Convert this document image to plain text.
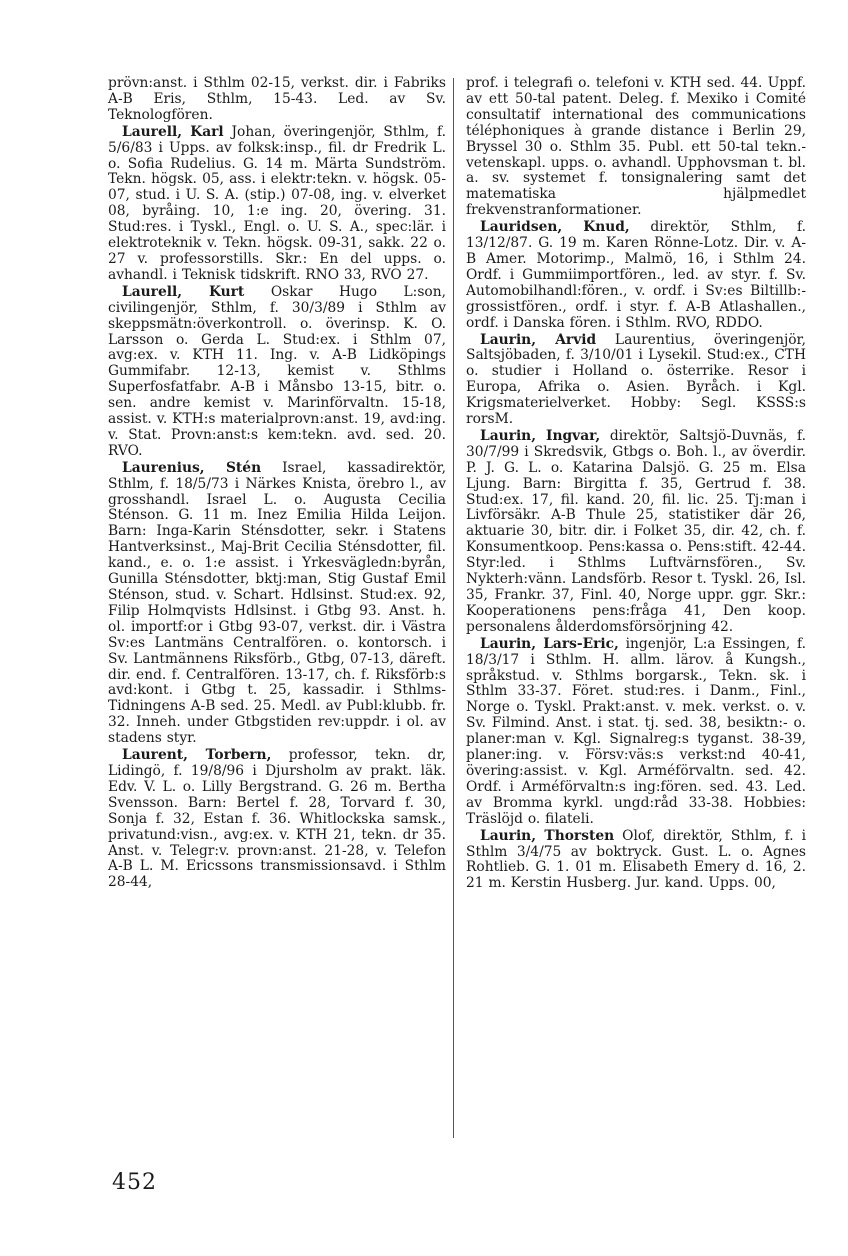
prövn:anst. i Sthlm 02-15, verkst. dir. i Fabriks A-B Eris, Sthlm, 15-43. Led. av Sv. Teknologfören.

Laurell, Karl Johan, överingenjör, Sthlm, f. 5/6/83 i Upps. av folksk:insp., fil. dr Fredrik L. o. Sofia Rudelius. G. 14 m. Märta Sundström. Tekn. högsk. 05, ass. i elektr:tekn. v. högsk. 05-07, stud. i U. S. A. (stip.) 07-08, ing. v. elverket 08, byråing. 10, 1:e ing. 20, övering. 31. Stud:res. i Tyskl., Engl. o. U. S. A., spec:lär. i elektroteknik v. Tekn. högsk. 09-31, sakk. 22 o. 27 v. professorstills. Skr.: En del upps. o. avhandl. i Teknisk tidskrift. RNO 33, RVO 27.

Laurell, Kurt Oskar Hugo L:son, civilingenjör, Sthlm, f. 30/3/89 i Sthlm av skeppsmätn:överkontroll. o. överinsp. K. O. Larsson o. Gerda L. Stud:ex. i Sthlm 07, avg:ex. v. KTH 11. Ing. v. A-B Lidköpings Gummifabr. 12-13, kemist v. Sthlms Superfosfatfabr. A-B i Månsbo 13-15, bitr. o. sen. andre kemist v. Marinförvaltn. 15-18, assist. v. KTH:s materialprovn:anst. 19, avd:ing. v. Stat. Provn:anst:s kem:tekn. avd. sed. 20. RVO.

Laurenius, Stén Israel, kassadirektör, Sthlm, f. 18/5/73 i Närkes Knista, örebro l., av grosshandl. Israel L. o. Augusta Cecilia Sténson. G. 11 m. Inez Emilia Hilda Leijon. Barn: Inga-Karin Sténsdotter, sekr. i Statens Hantverksinst., Maj-Brit Cecilia Sténsdotter, fil. kand., e. o. 1:e assist. i Yrkesvägledn:byrån, Gunilla Sténsdotter, bktj:man, Stig Gustaf Emil Sténson, stud. v. Schart. Hdlsinst. Stud:ex. 92, Filip Holmqvists Hdlsinst. i Gtbg 93. Anst. h. ol. importf:or i Gtbg 93-07, verkst. dir. i Västra Sv:es Lantmäns Centralfören. o. kontorsch. i Sv. Lantmännens Riksförb., Gtbg, 07-13, däreft. dir. end. f. Centralfören. 13-17, ch. f. Riksförb:s avd:kont. i Gtbg t. 25, kassadir. i Sthlms-Tidningens A-B sed. 25. Medl. av Publ:klubb. fr. 32. Inneh. under Gtbgstiden rev:uppdr. i ol. av stadens styr.

Laurent, Torbern, professor, tekn. dr, Lidingö, f. 19/8/96 i Djursholm av prakt. läk. Edv. V. L. o. Lilly Bergstrand. G. 26 m. Bertha Svensson. Barn: Bertel f. 28, Torvard f. 30, Sonja f. 32, Estan f. 36. Whitlockska samsk., privatund:visn., avg:ex. v. KTH 21, tekn. dr 35. Anst. v. Telegr:v. provn:anst. 21-28, v. Telefon A-B L. M. Ericssons transmissionsavd. i Sthlm 28-44,

prof. i telegrafi o. telefoni v. KTH sed. 44. Uppf. av ett 50-tal patent. Deleg. f. Mexiko i Comité consultatif international des communications téléphoniques à grande distance i Berlin 29, Bryssel 30 o. Sthlm 35. Publ. ett 50-tal tekn.-vetenskapl. upps. o. avhandl. Upphovsman t. bl. a. sv. systemet f. tonsignalering samt det matematiska hjälpmedlet frekvenstranformationer.

Lauridsen, Knud, direktör, Sthlm, f. 13/12/87. G. 19 m. Karen Rönne-Lotz. Dir. v. A-B Amer. Motorimp., Malmö, 16, i Sthlm 24. Ordf. i Gummiimportfören., led. av styr. f. Sv. Automobilhandl:fören., v. ordf. i Sv:es Biltillb:-grossistfören., ordf. i styr. f. A-B Atlashallen., ordf. i Danska fören. i Sthlm. RVO, RDDO.

Laurin, Arvid Laurentius, överingenjör, Saltsjöbaden, f. 3/10/01 i Lysekil. Stud:ex., CTH o. studier i Holland o. österrike. Resor i Europa, Afrika o. Asien. Byråch. i Kgl. Krigsmaterielverket. Hobby: Segl. KSSS:s rorsM.

Laurin, Ingvar, direktör, Saltsjö-Duvnäs, f. 30/7/99 i Skredsvik, Gtbgs o. Boh. l., av överdir. P. J. G. L. o. Katarina Dalsjö. G. 25 m. Elsa Ljung. Barn: Birgitta f. 35, Gertrud f. 38. Stud:ex. 17, fil. kand. 20, fil. lic. 25. Tj:man i Livförsäkr. A-B Thule 25, statistiker där 26, aktuarie 30, bitr. dir. i Folket 35, dir. 42, ch. f. Konsumentkoop. Pens:kassa o. Pens:stift. 42-44. Styr:led. i Sthlms Luftvärnsfören., Sv. Nykterh:vänn. Landsförb. Resor t. Tyskl. 26, Isl. 35, Frankr. 37, Finl. 40, Norge uppr. ggr. Skr.: Kooperationens pens:fråga 41, Den koop. personalens ålderdomsförsörjning 42.

Laurin, Lars-Eric, ingenjör, L:a Essingen, f. 18/3/17 i Sthlm. H. allm. lärov. å Kungsh., språkstud. v. Sthlms borgarsk., Tekn. sk. i Sthlm 33-37. Föret. stud:res. i Danm., Finl., Norge o. Tyskl. Prakt:anst. v. mek. verkst. o. v. Sv. Filmind. Anst. i stat. tj. sed. 38, besiktn:- o. planer:man v. Kgl. Signalreg:s tyganst. 38-39, planer:ing. v. Försv:väs:s verkst:nd 40-41, övering:assist. v. Kgl. Arméförvaltn. sed. 42. Ordf. i Arméförvaltn:s ing:fören. sed. 43. Led. av Bromma kyrkl. ungd:råd 33-38. Hobbies: Träslöjd o. filateli.

Laurin, Thorsten Olof, direktör, Sthlm, f. i Sthlm 3/4/75 av boktryck. Gust. L. o. Agnes Rohtlieb. G. 1. 01 m. Elisabeth Emery d. 16, 2. 21 m. Kerstin Husberg. Jur. kand. Upps. 00,

452
